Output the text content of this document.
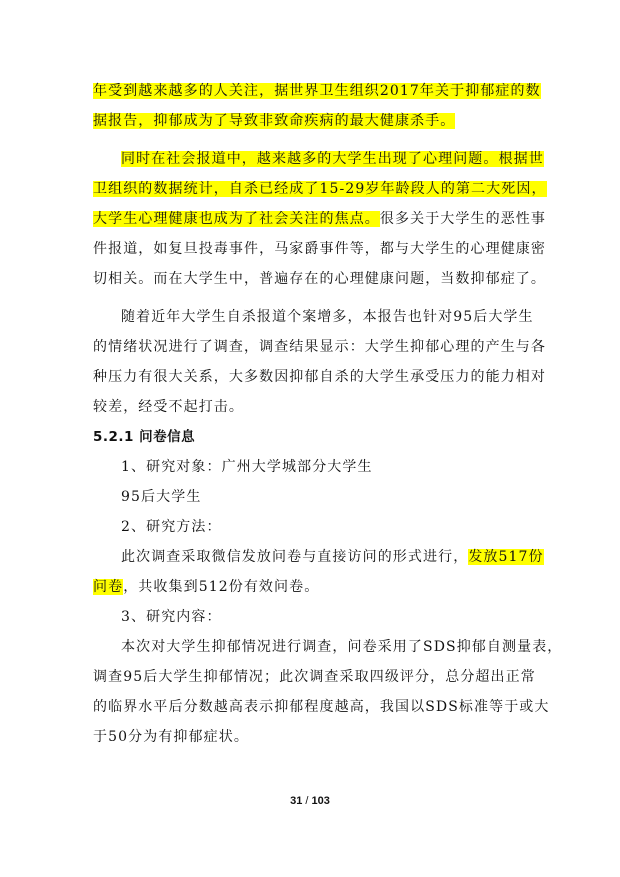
年受到越来越多的人关注，据世界卫生组织2017年关于抑郁症的数
据报告，抑郁成为了导致非致命疾病的最大健康杀手。
同时在社会报道中，越来越多的大学生出现了心理问题。根据世
卫组织的数据统计，自杀已经成了15-29岁年龄段人的第二大死因，
大学生心理健康也成为了社会关注的焦点。很多关于大学生的恶性事
件报道，如复旦投毒事件，马家爵事件等，都与大学生的心理健康密
切相关。而在大学生中，普遍存在的心理健康问题，当数抑郁症了。
随着近年大学生自杀报道个案增多，本报告也针对95后大学生
的情绪状况进行了调查，调查结果显示：大学生抑郁心理的产生与各
种压力有很大关系，大多数因抑郁自杀的大学生承受压力的能力相对
较差，经受不起打击。
5.2.1 问卷信息
1、研究对象：广州大学城部分大学生
95后大学生
2、研究方法：
此次调查采取微信发放问卷与直接访问的形式进行，发放517份
问卷，共收集到512份有效问卷。
3、研究内容：
本次对大学生抑郁情况进行调查，问卷采用了SDS抑郁自测量表，
调查95后大学生抑郁情况；此次调查采取四级评分，总分超出正常
的临界水平后分数越高表示抑郁程度越高，我国以SDS标准等于或大
于50分为有抑郁症状。
31 / 103
